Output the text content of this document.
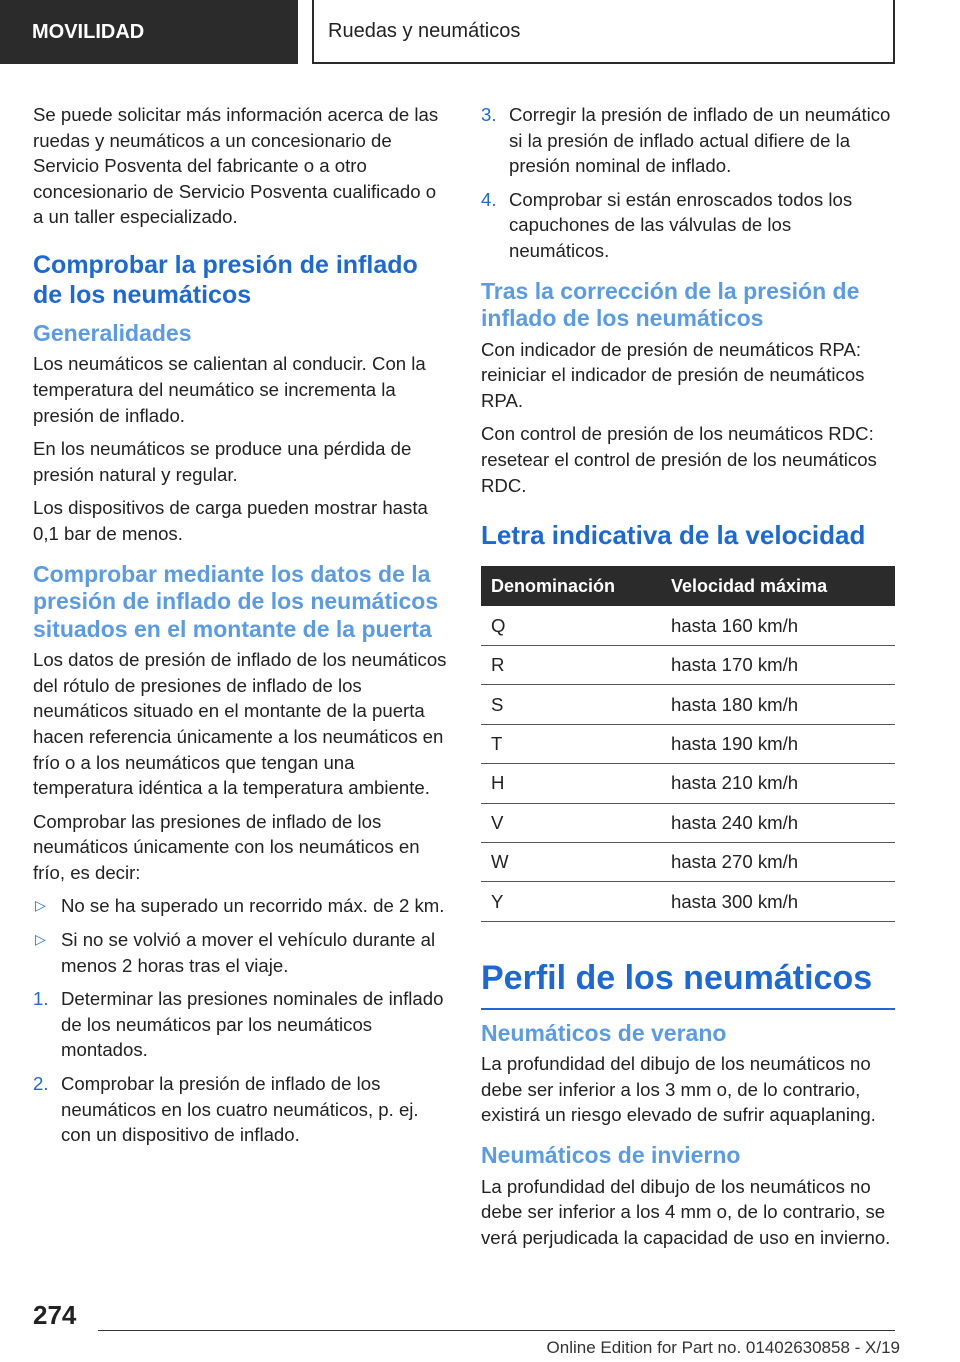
MOVILIDAD	Ruedas y neumáticos

Se puede solicitar más información acerca de las ruedas y neumáticos a un concesionario de Servicio Posventa del fabricante o a otro concesionario de Servicio Posventa cualificado o a un taller especializado.

Comprobar la presión de inflado de los neumáticos
Generalidades

Los neumáticos se calientan al conducir. Con la temperatura del neumático se incrementa la presión de inflado.

En los neumáticos se produce una pérdida de presión natural y regular.

Los dispositivos de carga pueden mostrar hasta 0,1 bar de menos.

Comprobar mediante los datos de la presión de inflado de los neumáticos situados en el montante de la puerta

Los datos de presión de inflado de los neumáticos del rótulo de presiones de inflado de los neumáticos situado en el montante de la puerta hacen referencia únicamente a los neumáticos en frío o a los neumáticos que tengan una temperatura idéntica a la temperatura ambiente.

Comprobar las presiones de inflado de los neumáticos únicamente con los neumáticos en frío, es decir:

▷ No se ha superado un recorrido máx. de 2 km.
▷ Si no se volvió a mover el vehículo durante al menos 2 horas tras el viaje.
1. Determinar las presiones nominales de inflado de los neumáticos par los neumáticos montados.
2. Comprobar la presión de inflado de los neumáticos en los cuatro neumáticos, p. ej. con un dispositivo de inflado.
3. Corregir la presión de inflado de un neumático si la presión de inflado actual difiere de la presión nominal de inflado.
4. Comprobar si están enroscados todos los capuchones de las válvulas de los neumáticos.
Tras la corrección de la presión de inflado de los neumáticos

Con indicador de presión de neumáticos RPA: reiniciar el indicador de presión de neumáticos RPA.

Con control de presión de los neumáticos RDC: resetear el control de presión de los neumáticos RDC.

Letra indicativa de la velocidad
Denominación	Velocidad máxima
Q	hasta 160 km/h
R	hasta 170 km/h
S	hasta 180 km/h
T	hasta 190 km/h
H	hasta 210 km/h
V	hasta 240 km/h
W	hasta 270 km/h
Y	hasta 300 km/h
Perfil de los neumáticos
Neumáticos de verano

La profundidad del dibujo de los neumáticos no debe ser inferior a los 3 mm o, de lo contrario, existirá un riesgo elevado de sufrir aquaplaning.

Neumáticos de invierno

La profundidad del dibujo de los neumáticos no debe ser inferior a los 4 mm o, de lo contrario, se verá perjudicada la capacidad de uso en invierno.

274
Online Edition for Part no. 01402630858 - X/19
